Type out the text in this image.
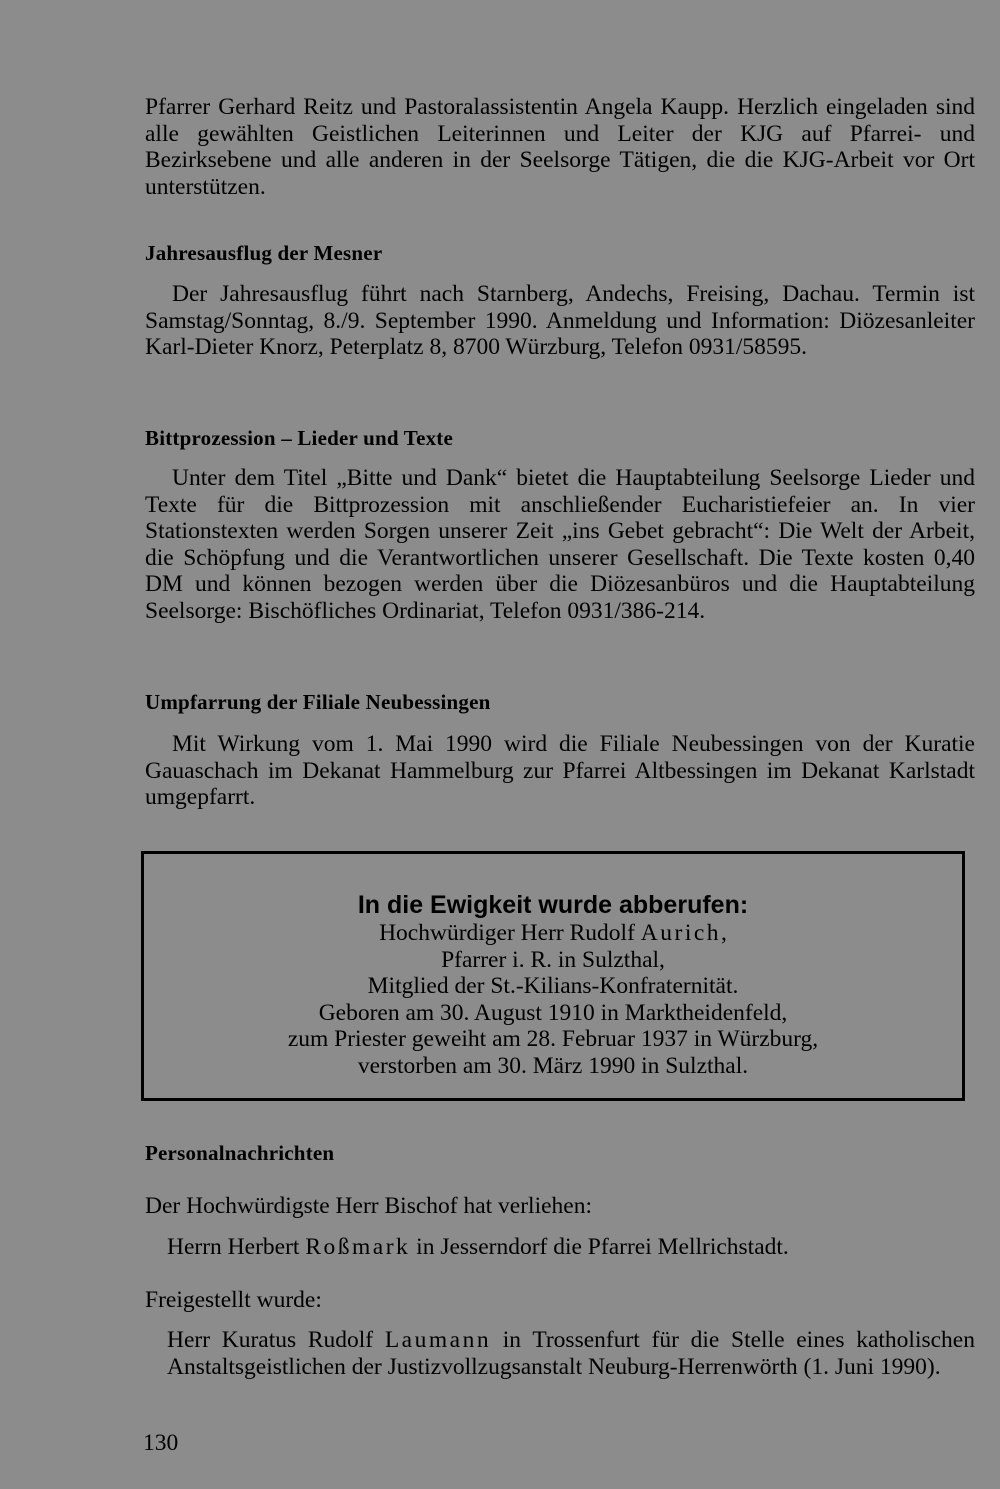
Pfarrer Gerhard Reitz und Pastoralassistentin Angela Kaupp. Herzlich eingeladen sind alle gewählten Geistlichen Leiterinnen und Leiter der KJG auf Pfarrei- und Bezirksebene und alle anderen in der Seelsorge Tätigen, die die KJG-Arbeit vor Ort unterstützen.
Jahresausflug der Mesner
Der Jahresausflug führt nach Starnberg, Andechs, Freising, Dachau. Termin ist Samstag/Sonntag, 8./9. September 1990. Anmeldung und Information: Diözesanleiter Karl-Dieter Knorz, Peterplatz 8, 8700 Würzburg, Telefon 0931/58595.
Bittprozession – Lieder und Texte
Unter dem Titel „Bitte und Dank“ bietet die Hauptabteilung Seelsorge Lieder und Texte für die Bittprozession mit anschließender Eucharistiefeier an. In vier Stationstexten werden Sorgen unserer Zeit „ins Gebet gebracht“: Die Welt der Arbeit, die Schöpfung und die Verantwortlichen unserer Gesellschaft. Die Texte kosten 0,40 DM und können bezogen werden über die Diözesanbüros und die Hauptabteilung Seelsorge: Bischöfliches Ordinariat, Telefon 0931/386-214.
Umpfarrung der Filiale Neubessingen
Mit Wirkung vom 1. Mai 1990 wird die Filiale Neubessingen von der Kuratie Gauaschach im Dekanat Hammelburg zur Pfarrei Altbessingen im Dekanat Karlstadt umgepfarrt.
In die Ewigkeit wurde abberufen:
Hochwürdiger Herr Rudolf Aurich,
Pfarrer i. R. in Sulzthal,
Mitglied der St.-Kilians-Konfraternität.
Geboren am 30. August 1910 in Marktheidenfeld,
zum Priester geweiht am 28. Februar 1937 in Würzburg,
verstorben am 30. März 1990 in Sulzthal.
Personalnachrichten
Der Hochwürdigste Herr Bischof hat verliehen:
Herrn Herbert Roßmark in Jesserndorf die Pfarrei Mellrichstadt.
Freigestellt wurde:
Herr Kuratus Rudolf Laumann in Trossenfurt für die Stelle eines katholischen Anstaltsgeistlichen der Justizvollzugsanstalt Neuburg-Herrenwörth (1. Juni 1990).
130
